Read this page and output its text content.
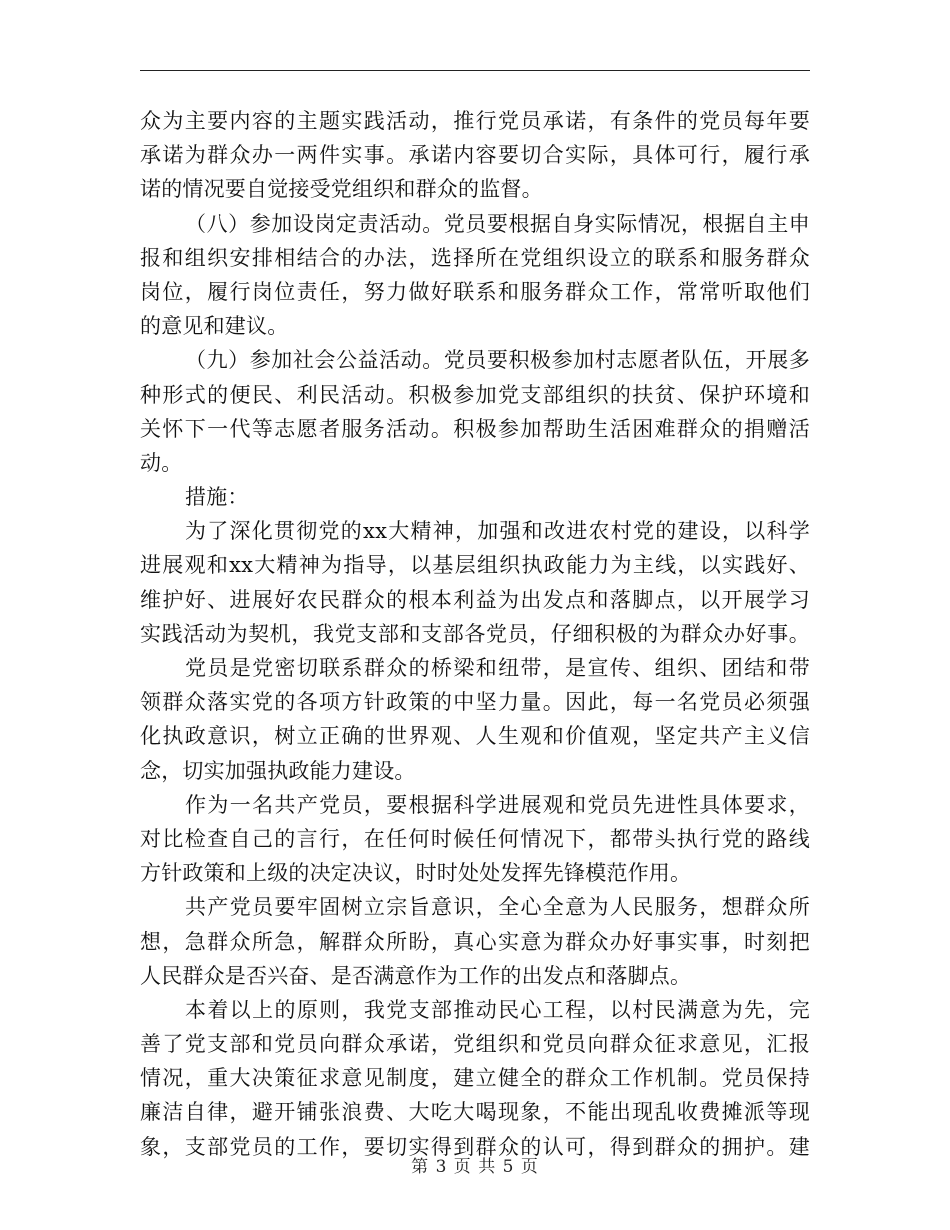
众为主要内容的主题实践活动，推行党员承诺，有条件的党员每年要
承诺为群众办一两件实事。承诺内容要切合实际，具体可行，履行承
诺的情况要自觉接受党组织和群众的监督。
（八）参加设岗定责活动。党员要根据自身实际情况，根据自主申
报和组织安排相结合的办法，选择所在党组织设立的联系和服务群众
岗位，履行岗位责任，努力做好联系和服务群众工作，常常听取他们
的意见和建议。
（九）参加社会公益活动。党员要积极参加村志愿者队伍，开展多
种形式的便民、利民活动。积极参加党支部组织的扶贫、保护环境和
关怀下一代等志愿者服务活动。积极参加帮助生活困难群众的捐赠活
动。
措施：
为了深化贯彻党的xx大精神，加强和改进农村党的建设，以科学
进展观和xx大精神为指导，以基层组织执政能力为主线，以实践好、
维护好、进展好农民群众的根本利益为出发点和落脚点，以开展学习
实践活动为契机，我党支部和支部各党员，仔细积极的为群众办好事。
党员是党密切联系群众的桥梁和纽带，是宣传、组织、团结和带
领群众落实党的各项方针政策的中坚力量。因此，每一名党员必须强
化执政意识，树立正确的世界观、人生观和价值观，坚定共产主义信
念，切实加强执政能力建设。
作为一名共产党员，要根据科学进展观和党员先进性具体要求，
对比检查自己的言行，在任何时候任何情况下，都带头执行党的路线
方针政策和上级的决定决议，时时处处发挥先锋模范作用。
共产党员要牢固树立宗旨意识，全心全意为人民服务，想群众所
想，急群众所急，解群众所盼，真心实意为群众办好事实事，时刻把
人民群众是否兴奋、是否满意作为工作的出发点和落脚点。
本着以上的原则，我党支部推动民心工程，以村民满意为先，完
善了党支部和党员向群众承诺，党组织和党员向群众征求意见，汇报
情况，重大决策征求意见制度，建立健全的群众工作机制。党员保持
廉洁自律，避开铺张浪费、大吃大喝现象，不能出现乱收费摊派等现
象，支部党员的工作，要切实得到群众的认可，得到群众的拥护。建
第 3 页 共 5 页
